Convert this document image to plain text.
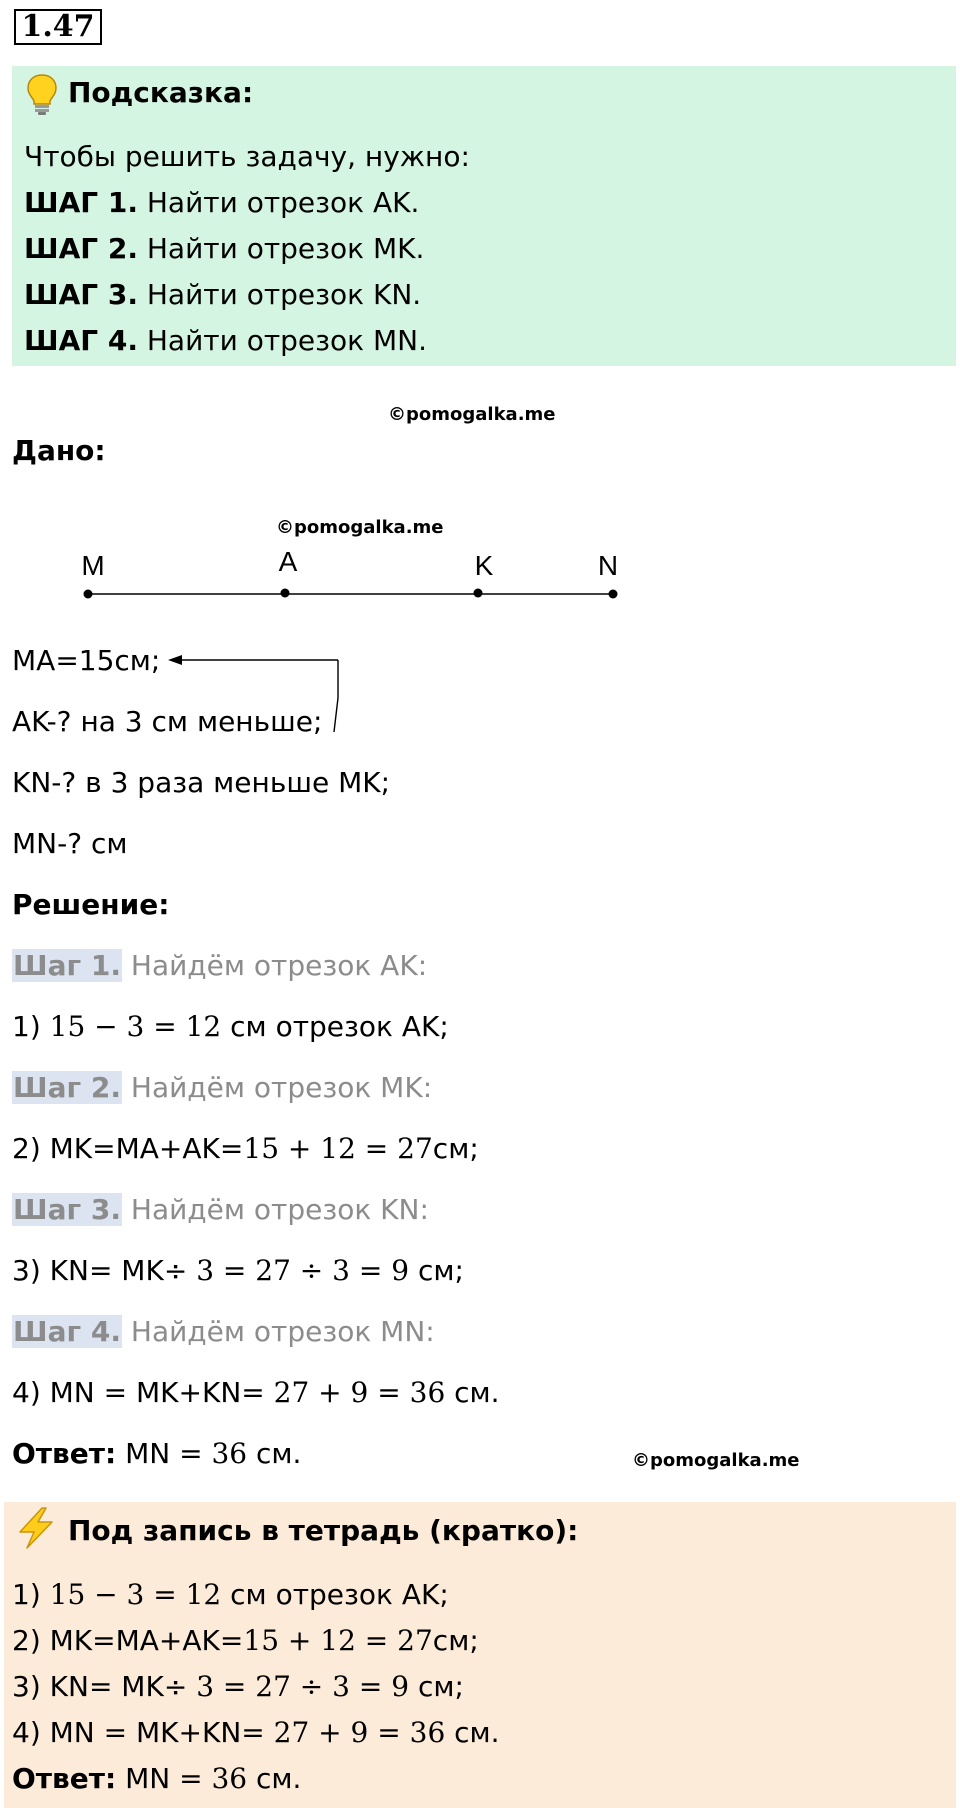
1.47
Подсказка:
Чтобы решить задачу, нужно:
ШАГ 1. Найти отрезок AK.
ШАГ 2. Найти отрезок MK.
ШАГ 3. Найти отрезок KN.
ШАГ 4. Найти отрезок MN.
©pomogalka.me
Дано:
©pomogalka.me
M	A	K	N
MA=15см;
AK-? на 3 см меньше;
KN-? в 3 раза меньше MK;
MN-? см
Решение:
Шаг 1. Найдём отрезок AK:
1) 15 − 3 = 12 см отрезок AK;
Шаг 2. Найдём отрезок MK:
2) MK=MA+AK=15 + 12 = 27см;
Шаг 3. Найдём отрезок KN:
3) KN= MK÷ 3 = 27 ÷ 3 = 9 см;
Шаг 4. Найдём отрезок MN:
4) MN = MK+KN= 27 + 9 = 36 см.
Ответ: MN = 36 см.	©pomogalka.me
Под запись в тетрадь (кратко):
1) 15 − 3 = 12 см отрезок AK;
2) MK=MA+AK=15 + 12 = 27см;
3) KN= MK÷ 3 = 27 ÷ 3 = 9 см;
4) MN = MK+KN= 27 + 9 = 36 см.
Ответ: MN = 36 см.
